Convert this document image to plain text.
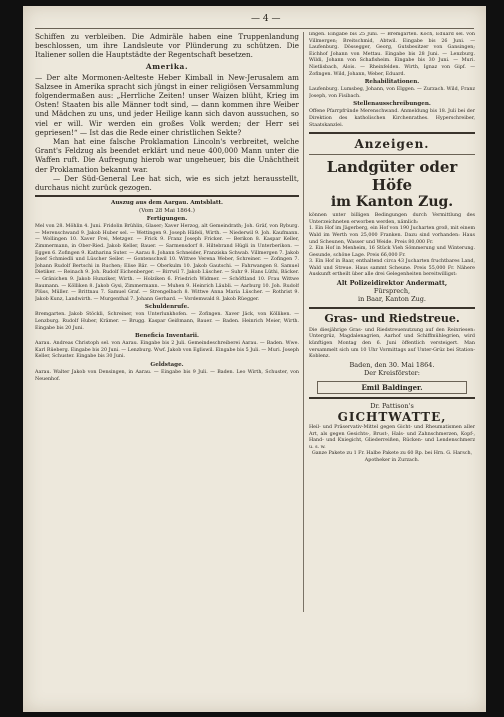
— 4 —

Schiffen zu verbleiben. Die Admiräle haben eine Truppenlandung beschlossen, um ihre Landsleute vor Plünderung zu schützen. Die Italiener sollen die Hauptstädte der Regentschaft besetzen.

Amerika.

— Der alte Mormonen-Aelteste Heber Kimball in New-Jerusalem am Salzsee in Amerika spracht sich jüngst in einer religiösen Versammlung folgendermaßen aus: „Herrliche Zeiten! unser Waizen blüht, Krieg im Osten! Staaten bis alle Männer todt sind, — dann kommen ihre Weiber und Mädchen zu uns, und jeder Heilige kann sich davon aussuchen, so viel er will. Wir werden ein großes Volk werden; der Herr sei gepriesen!“ — Ist das die Rede einer christlichen Sekte?

Man hat eine falsche Proklamation Lincoln's verbreitet, welche Grant's Feldzug als beendet erklärt und neue 400,000 Mann unter die Waffen ruft. Die Aufregung hierob war ungeheuer, bis die Unächtheit der Proklamation bekannt war.

— Der Süd-General Lee hat sich, wie es sich jetzt herausstellt, durchaus nicht zurück gezogen.

Auszug aus dem Aargau. Amtsblatt.
(Vom 28 Mai 1864.)
Fertigungen.

Mel von 28. Möhlin 4. Juni. Fridolin Brühlin, Glaser; Xaver Herzog, alt Gemeindrath; Joh. Gräf, von Ryburg. — Merenschwand 9. Jakob Huber sel. — Wettingen 9. Joseph Häfeli, Wirth. — Niederwil 9. Joh. Kaufmann. — Wollingen 10. Xaver Frei, Metzger. — Frick 9. Franz Joseph Fricker. — Berikon 8. Kaspar Keller, Zimmermann, in Ober-Ried. Jakob Keller, Bauer. — Sarmensdorf 8. Hiltebrand Hügli in Unterberikon. — Eggen 6. Zofingen 9. Katharina Suter. — Aarau 8. Johann Schneider, Franziska Schwab. Villmergen 7. Jakob Josef Schmiedli und Lüscher Seiler. — Gontenschwil 10. Wittwe Verena Weber, Schreiner. — Zofingen 7. Johann Rudolf Bertschi in Ruchen; Elise Bär. — Oberkulm 10. Jakob Gautschi. — Fahrwangen 8. Samuel Dietiker. — Reinach 9. Joh. Rudolf Eichenberger. — Birrwil 7. Jakob Lüscher. — Suhr 9. Hans Lüthi, Bäcker. — Gränichen 9. Jakob Hunziker, Wirth. — Holziken 6. Friedrich Widmer. — Schöftland 10. Frau Wittwe Baumann. — Kölliken 8. Jakob Gysi, Zimmermann. — Muhen 9. Heinrich Läubli. — Aarburg 10. Joh. Rudolf Plüss, Müller. — Brittnau 7. Samuel Graf. — Strengelbach 8. Wittwe Anna Maria Lüscher. — Rothrist 9. Jakob Kunz, Landwirth. — Murgenthal 7. Johann Gerhard. — Vordemwald 8. Jakob Rüegger.

Schuldenrufe.

Bremgarten. Jakob Stöckli, Schreiner, von Unterlunkhofen. — Zofingen. Xaver Jäck, von Kölliken. — Lenzburg. Rudolf Huber, Krämer. — Brugg. Kaspar Geißmann, Bauer. — Baden. Heinrich Meier, Wirth. Eingabe bis 20 Juni.

Beneficia Inventarii.

Aarau. Andreas Christoph sel. von Aarau. Eingabe bis 2 Juli. Gemeindeschreiberei Aarau. — Baden. Wwe. Karl Rüeberg. Eingabe bis 20 Juni. — Lenzburg. Wwf. Jakob von Egliswil. Eingabe bis 5 Juli. — Muri. Joseph Keller, Schuster. Eingabe bis 30 Juni.

Geldstage.

Aarau. Walter Jakob von Densingen, in Aarau. — Eingabe bis 9 Juli. — Baden. Leo Wirth, Schuster, von Neuenhof.

lingen. Eingabe bis 25 Juni. — Bremgarten. Koch, Eduard sel. von Villmergen; Breitschmid, Abtwil. Eingabe bis 26 Juni. — Laufenburg. Dössegger, Georg, Gutsbesitzer von Gansingen; Eichhof Johann von Mettau. Eingabe bis 28 Juni. — Lenzburg. Wildi, Johann von Schafisheim. Eingabe bis 30 Juni. — Muri. Nietlisbach, Alois. — Rheinfelden. Wirth, Ignaz von Gipf. — Zofingen. Wild, Johann, Weber, Eduard.

Rehabilitationen.

Laufenburg. Lumsbeg, Johann, von Elggen. — Zurzach. Wild, Franz Joseph, von Fisibach.

Stellenausschreibungen.

Offene Pfarrpfründe Merenschwand. Anmeldung bis 18. Juli bei der Direktion des katholischen Kirchenrathes. Hyperschreiber, Staatskanzlei.

Anzeigen.
Landgüter oder Höfe
im Kanton Zug.

können unter billigen Bedingungen durch Vermittlung des Unterzeichneten erworben werden, nämlich:

1. Ein Hof im Jägerberg, ein Hof von 190 Jucharten groß, mit einem Wald im Werth von 25,000 Franken. Dazu sind vorhanden: Haus und Scheunen, Wasser und Weide. Preis 80,000 Fr.

2. Ein Hof in Menheim, 16 Stück Vieh Sömmerung und Winterung. Gesunde, schöne Lage. Preis 66,000 Fr.

3. Ein Hof in Baar, enthaltend circa 43 Jucharten fruchtbares Land, Wald und Streue. Haus sammt Scheune. Preis 55,000 Fr. Nähere Auskunft ertheilt über alle drei Gelegenheiten bereitwilligst:

Alt Polizeidirektor Andermatt,
Fürsprech,
in Baar, Kanton Zug.
Gras- und Riedstreue.

Die diesjährige Gras- und Riedstreuenutzung auf den Reinriesen: Untergrüz, Magdalenagrien, Aarhof und Schiffmühlegrien, wird künftigen Montag den 6. Juni öffentlich versteigert. Man versammelt sich um 10 Uhr Vormittags auf Unter-Grüz bei Station-Koblenz.

Baden, den 30. Mai 1864.
Der Kreisförster:
Emil Baldinger.
Dr. Pattison's
GICHTWATTE,

Heil- und Präservativ-Mittel gegen Gicht- und Rheumatismen aller Art, als gegen Gesichts-, Brust-, Hals- und Zahnschmerzen, Kopf-, Hand- und Kniegicht, Gliederreißen, Rücken- und Lendenschmerz u. s. w.

Ganze Pakete zu 1 Fr. Halbe Pakete zu 60 Rp. bei Hrn. G. Harsch, Apotheker in Zurzach.
